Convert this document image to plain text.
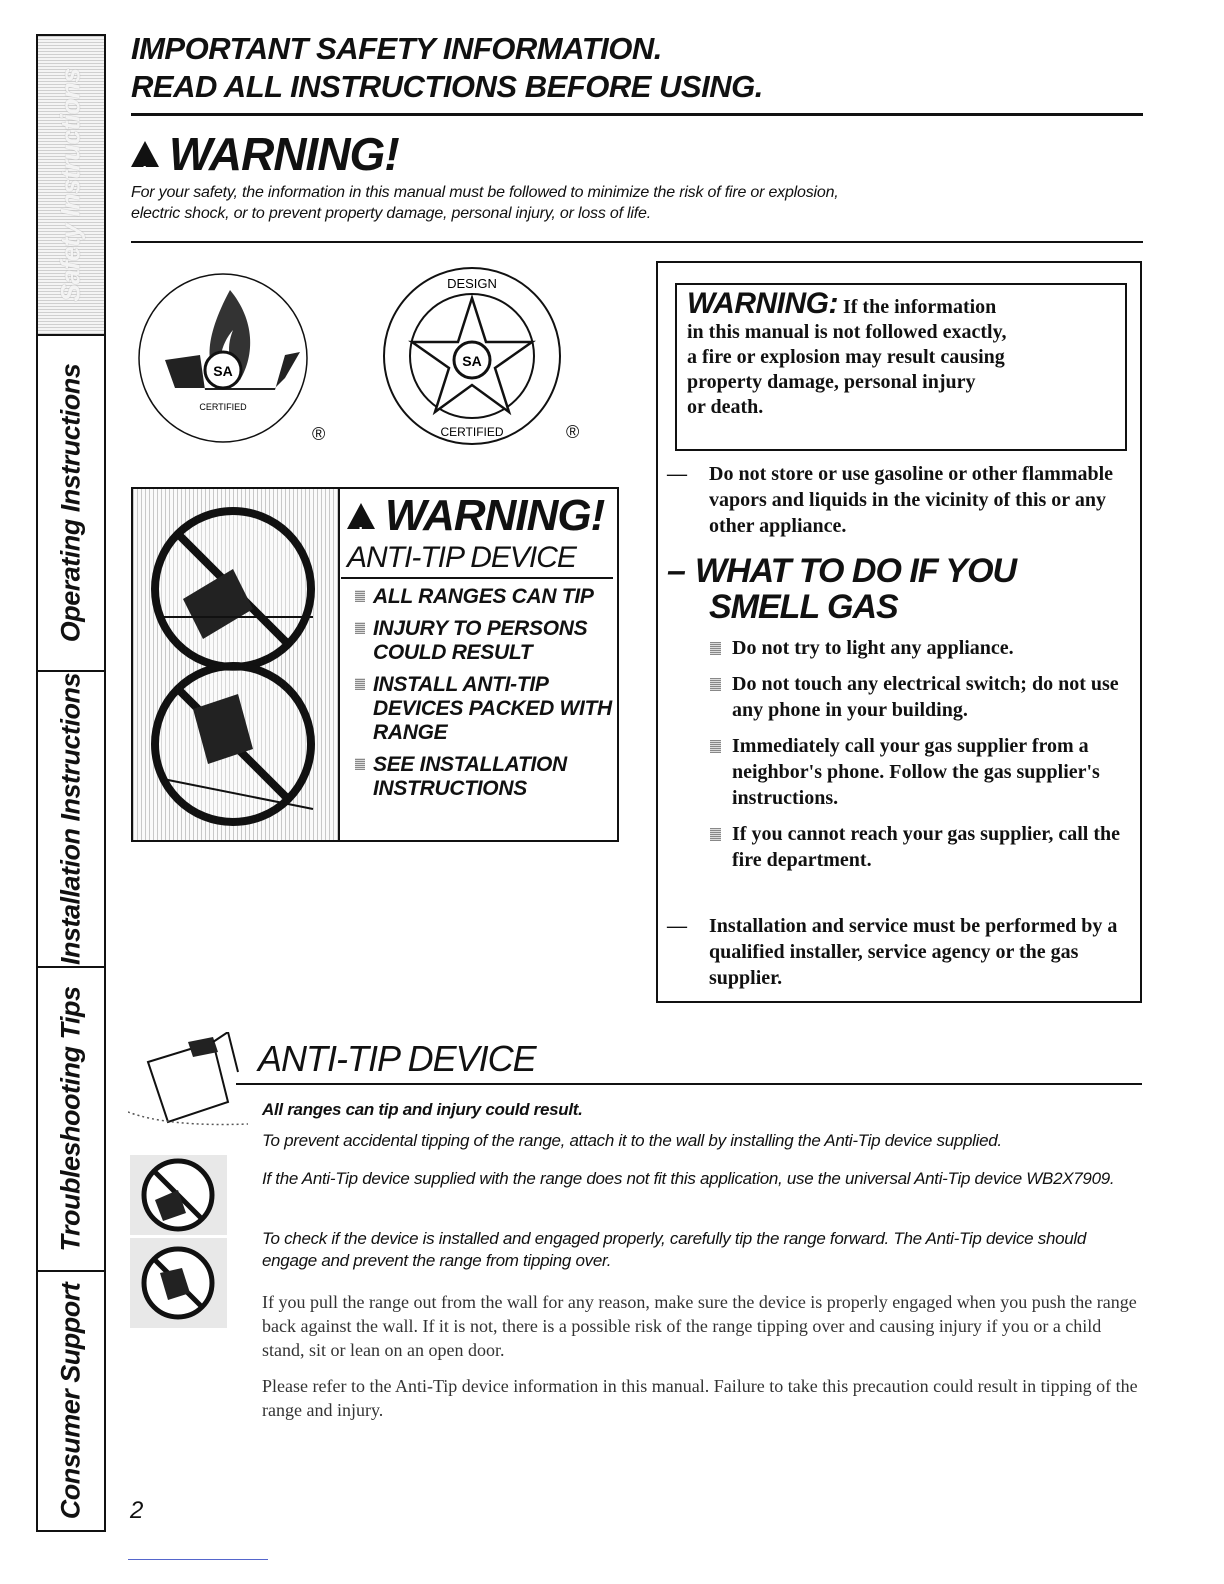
Safety Instructions
Operating Instructions
Installation Instructions
Troubleshooting Tips
Consumer Support
IMPORTANT SAFETY INFORMATION.
READ ALL INSTRUCTIONS BEFORE USING.
!
WARNING!
For your safety, the information in this manual must be followed to minimize the risk of fire or explosion,
electric shock, or to prevent property damage, personal injury, or loss of life.
SA
CERTIFIED
®
SA
DESIGN
CERTIFIED	®
!
WARNING!
ANTI-TIP DEVICE
ALL RANGES CAN TIP
INJURY TO PERSONS COULD RESULT
INSTALL ANTI-TIP DEVICES PACKED WITH RANGE
SEE INSTALLATION INSTRUCTIONS
WARNING: If the information
in this manual is not followed exactly,
a fire or explosion may result causing
property damage, personal injury
or death.
— Do not store or use gasoline or other flammable vapors and liquids in the vicinity of this or any other appliance.
– WHAT TO DO IF YOU
SMELL GAS
Do not try to light any appliance.
Do not touch any electrical switch; do not use any phone in your building.
Immediately call your gas supplier from a neighbor's phone. Follow the gas supplier's instructions.
If you cannot reach your gas supplier, call the fire department.
— Installation and service must be performed by a qualified installer, service agency or the gas supplier.
ANTI-TIP DEVICE
All ranges can tip and injury could result.
To prevent accidental tipping of the range, attach it to the wall by installing the Anti-Tip device supplied.
If the Anti-Tip device supplied with the range does not fit this application, use the universal Anti-Tip device WB2X7909.
To check if the device is installed and engaged properly, carefully tip the range forward. The Anti-Tip device should engage and prevent the range from tipping over.
If you pull the range out from the wall for any reason, make sure the device is properly engaged when you push the range back against the wall. If it is not, there is a possible risk of the range tipping over and causing injury if you or a child stand, sit or lean on an open door.
Please refer to the Anti-Tip device information in this manual. Failure to take this precaution could result in tipping of the range and injury.
2
